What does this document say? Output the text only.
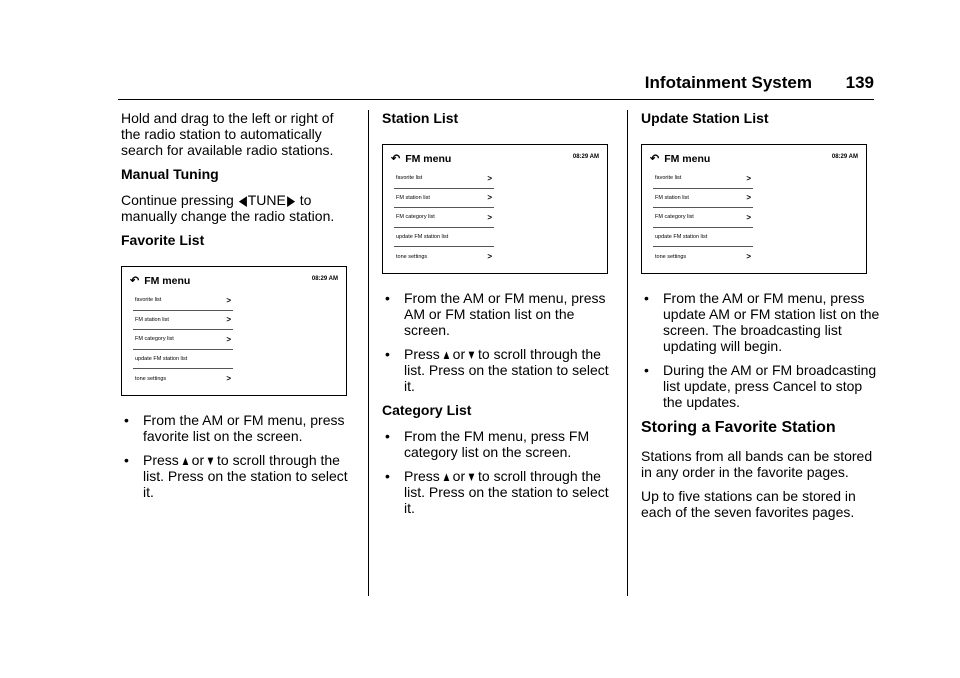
Infotainment System 139

Hold and drag to the left or right of the radio station to automatically search for available radio stations.

Manual Tuning

Continue pressing ◀TUNE▶ to manually change the radio station.

Favorite List
↶ FM menu	08:29 AM
favorite list	>
FM station list	>
FM category list	>
update FM station list
tone settings	>
•	From the AM or FM menu, press favorite list on the screen.
•	Press ▲ or ▼ to scroll through the list. Press on the station to select it.
Station List
↶ FM menu	08:29 AM
favorite list	>
FM station list	>
FM category list	>
update FM station list
tone settings	>
•	From the AM or FM menu, press AM or FM station list on the screen.
•	Press ▲ or ▼ to scroll through the list. Press on the station to select it.
Category List
•	From the FM menu, press FM category list on the screen.
•	Press ▲ or ▼ to scroll through the list. Press on the station to select it.
Update Station List
↶ FM menu	08:29 AM
favorite list	>
FM station list	>
FM category list	>
update FM station list
tone settings	>
•	From the AM or FM menu, press update AM or FM station list on the screen. The broadcasting list updating will begin.
•	During the AM or FM broadcasting list update, press Cancel to stop the updates.
Storing a Favorite Station

Stations from all bands can be stored in any order in the favorite pages.

Up to five stations can be stored in each of the seven favorites pages.
